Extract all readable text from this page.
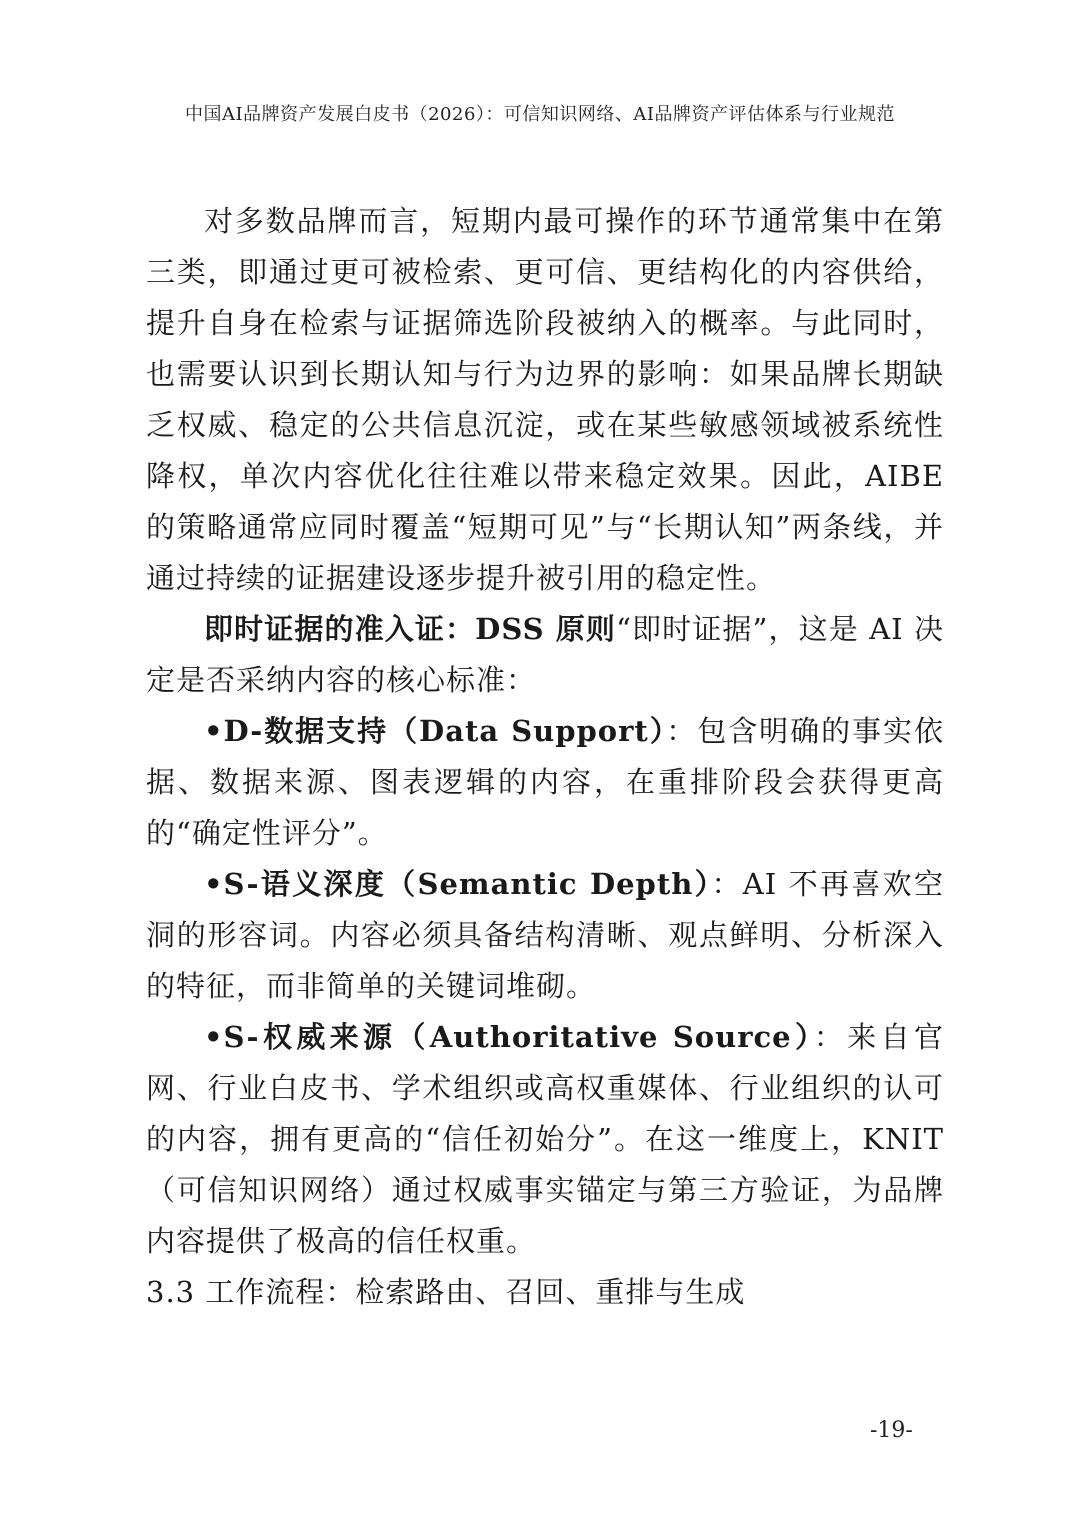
中国AI品牌资产发展白皮书（2026）：可信知识网络、AI品牌资产评估体系与行业规范

对多数品牌而言，短期内最可操作的环节通常集中在第三类，即通过更可被检索、更可信、更结构化的内容供给，提升自身在检索与证据筛选阶段被纳入的概率。与此同时，也需要认识到长期认知与行为边界的影响：如果品牌长期缺乏权威、稳定的公共信息沉淀，或在某些敏感领域被系统性降权，单次内容优化往往难以带来稳定效果。因此，AIBE 的策略通常应同时覆盖“短期可见”与“长期认知”两条线，并通过持续的证据建设逐步提升被引用的稳定性。

即时证据的准入证：DSS 原则“即时证据”，这是 AI 决定是否采纳内容的核心标准：

•D-数据支持（Data Support）：包含明确的事实依据、数据来源、图表逻辑的内容，在重排阶段会获得更高的“确定性评分”。

•S-语义深度（Semantic Depth）：AI 不再喜欢空洞的形容词。内容必须具备结构清晰、观点鲜明、分析深入的特征，而非简单的关键词堆砌。

•S-权威来源（Authoritative Source）：来自官网、行业白皮书、学术组织或高权重媒体、行业组织的认可的内容，拥有更高的“信任初始分”。在这一维度上，KNIT（可信知识网络）通过权威事实锚定与第三方验证，为品牌内容提供了极高的信任权重。

3.3 工作流程：检索路由、召回、重排与生成

-19-
